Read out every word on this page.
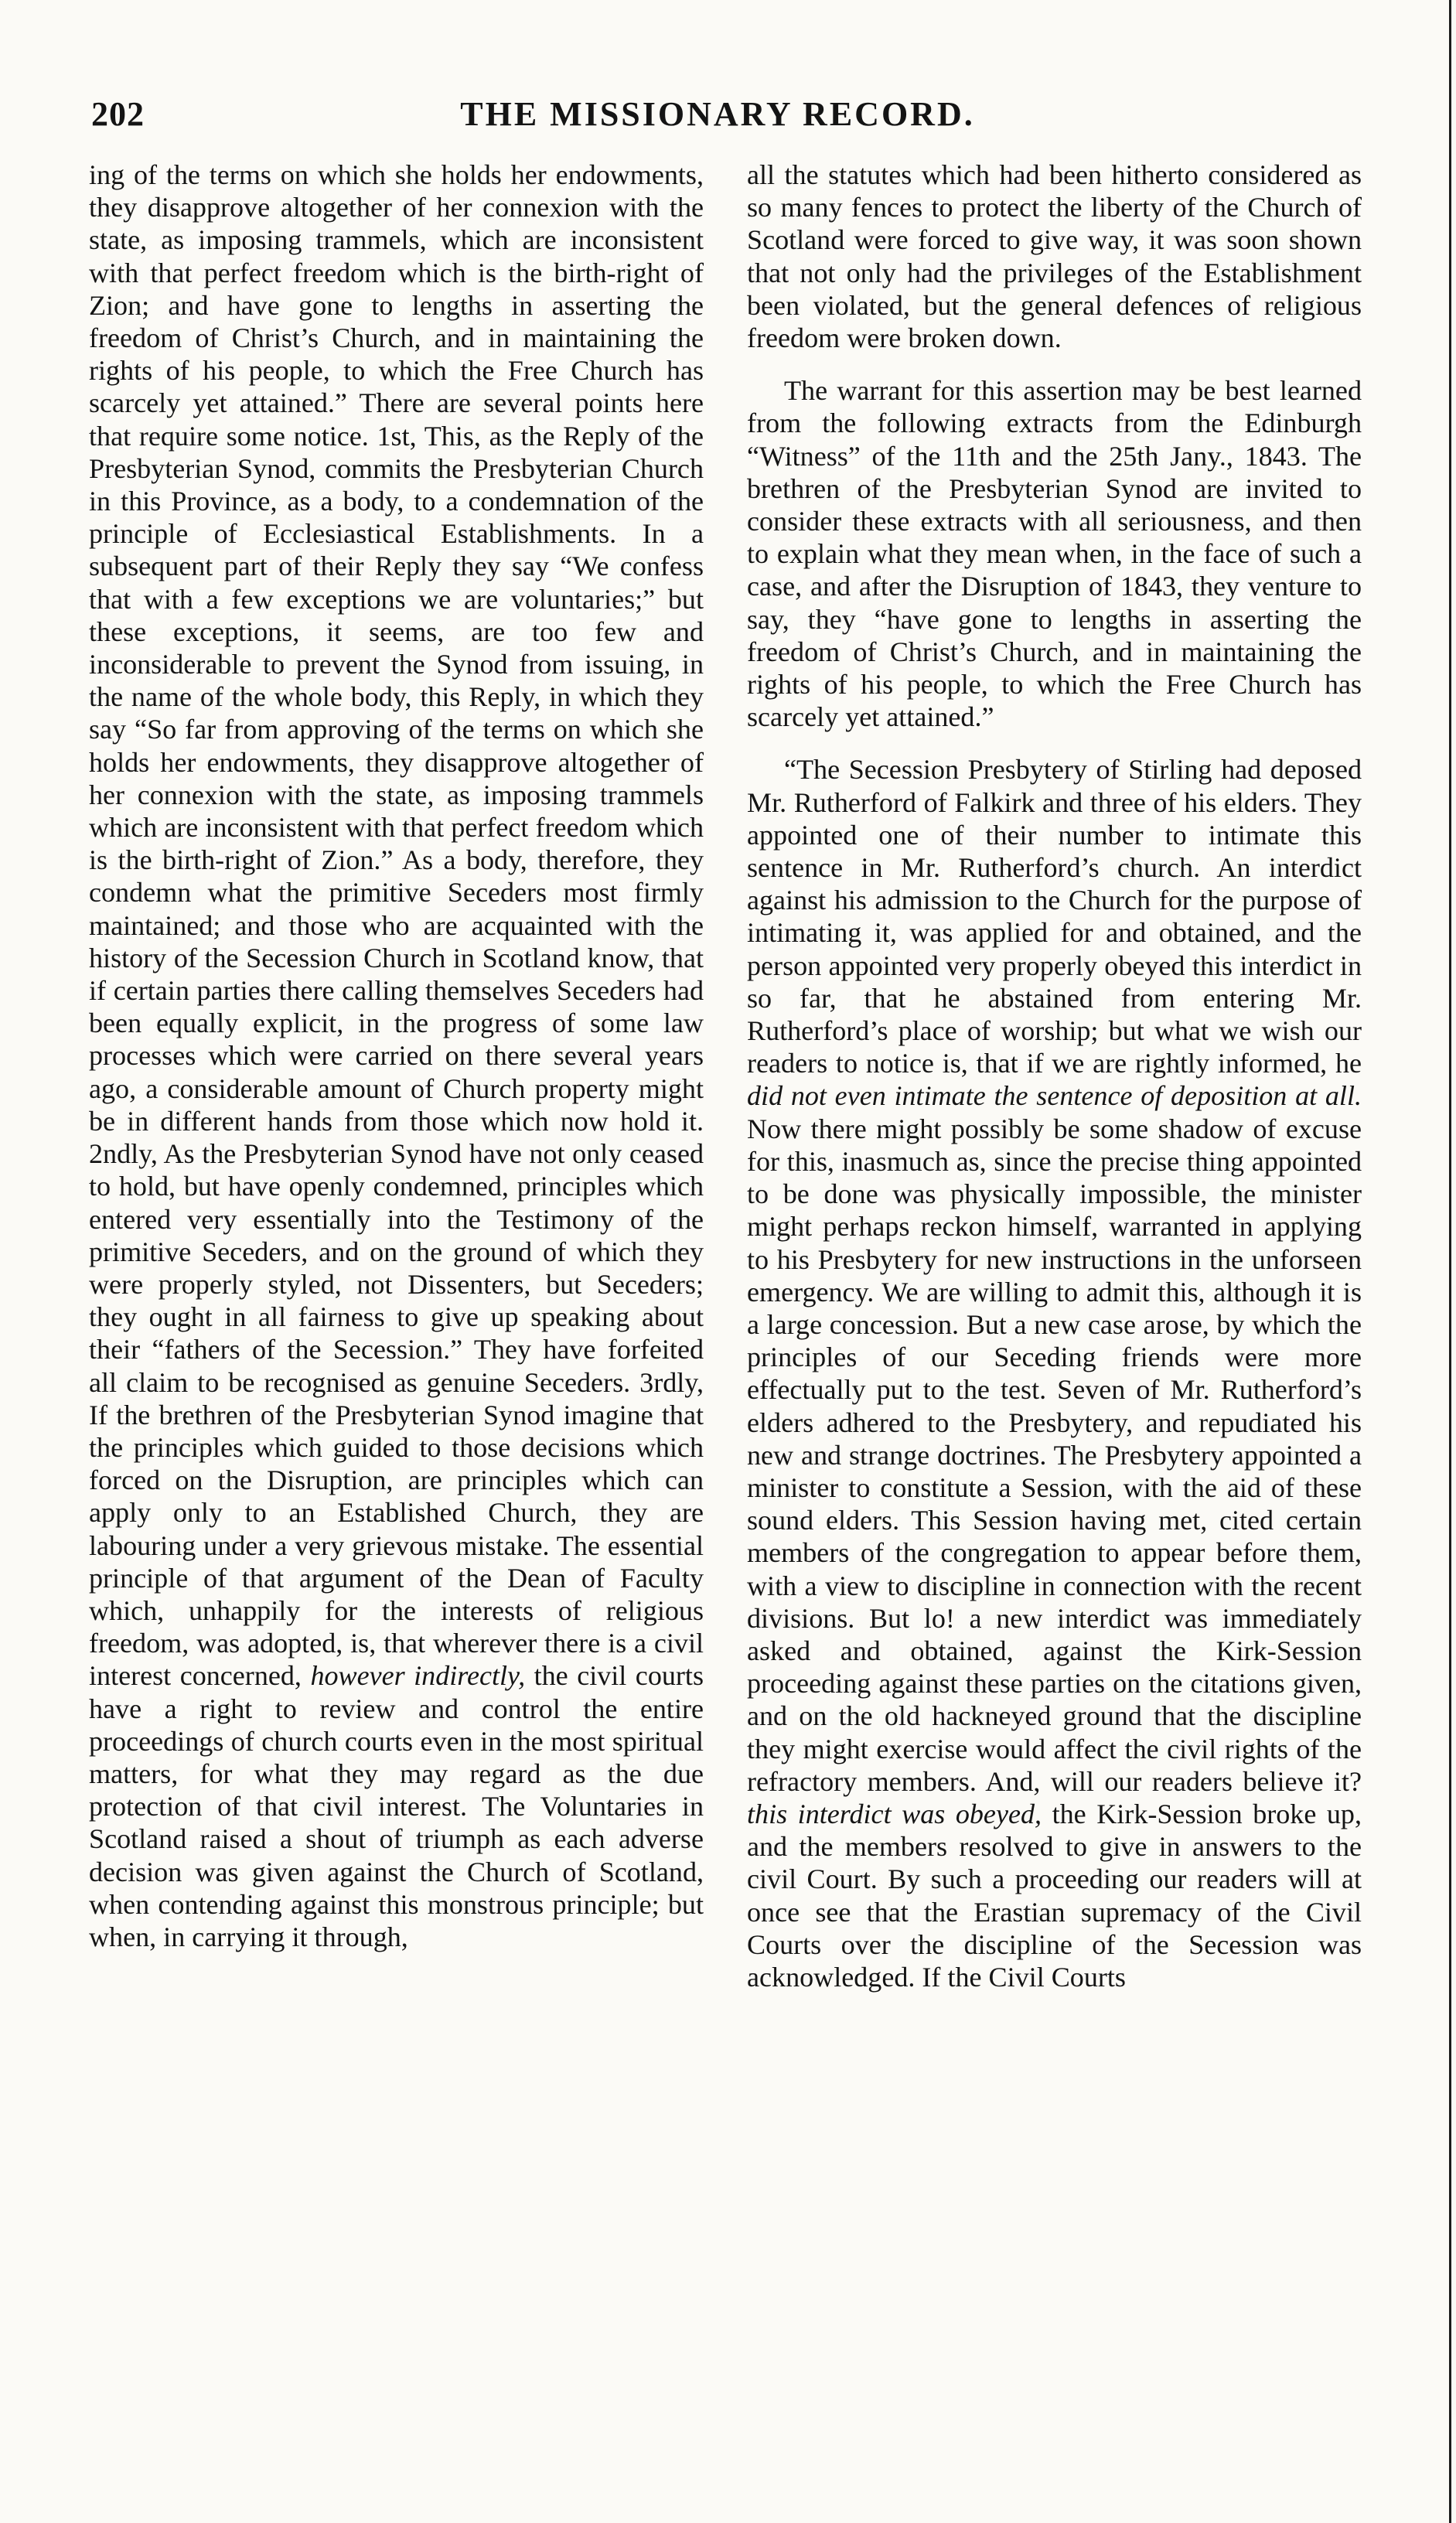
202	THE MISSIONARY RECORD.

ing of the terms on which she holds her endowments, they disapprove altogether of her connexion with the state, as imposing trammels, which are inconsistent with that perfect freedom which is the birth-right of Zion; and have gone to lengths in asserting the freedom of Christ’s Church, and in maintaining the rights of his people, to which the Free Church has scarcely yet attained.” There are several points here that require some notice. 1st, This, as the Reply of the Presbyterian Synod, commits the Presbyterian Church in this Province, as a body, to a condemnation of the principle of Ecclesiastical Establishments. In a subsequent part of their Reply they say “We confess that with a few exceptions we are voluntaries;” but these exceptions, it seems, are too few and inconsiderable to prevent the Synod from issuing, in the name of the whole body, this Reply, in which they say “So far from approving of the terms on which she holds her endowments, they disapprove altogether of her connexion with the state, as imposing trammels which are inconsistent with that perfect freedom which is the birth-right of Zion.” As a body, therefore, they condemn what the primitive Seceders most firmly maintained; and those who are acquainted with the history of the Secession Church in Scotland know, that if certain parties there calling themselves Seceders had been equally explicit, in the progress of some law processes which were carried on there several years ago, a considerable amount of Church property might be in different hands from those which now hold it. 2ndly, As the Presbyterian Synod have not only ceased to hold, but have openly condemned, principles which entered very essentially into the Testimony of the primitive Seceders, and on the ground of which they were properly styled, not Dissenters, but Seceders; they ought in all fairness to give up speaking about their “fathers of the Secession.” They have forfeited all claim to be recognised as genuine Seceders. 3rdly, If the brethren of the Presbyterian Synod imagine that the principles which guided to those decisions which forced on the Disruption, are principles which can apply only to an Established Church, they are labouring under a very grievous mistake. The essential principle of that argument of the Dean of Faculty which, unhappily for the interests of religious freedom, was adopted, is, that wherever there is a civil interest concerned, however indirectly, the civil courts have a right to review and control the entire proceedings of church courts even in the most spiritual matters, for what they may regard as the due protection of that civil interest. The Voluntaries in Scotland raised a shout of triumph as each adverse decision was given against the Church of Scotland, when contending against this monstrous principle; but when, in carrying it through,

all the statutes which had been hitherto considered as so many fences to protect the liberty of the Church of Scotland were forced to give way, it was soon shown that not only had the privileges of the Establishment been violated, but the general defences of religious freedom were broken down.

The warrant for this assertion may be best learned from the following extracts from the Edinburgh “Witness” of the 11th and the 25th Jany., 1843. The brethren of the Presbyterian Synod are invited to consider these extracts with all seriousness, and then to explain what they mean when, in the face of such a case, and after the Disruption of 1843, they venture to say, they “have gone to lengths in asserting the freedom of Christ’s Church, and in maintaining the rights of his people, to which the Free Church has scarcely yet attained.”

“The Secession Presbytery of Stirling had deposed Mr. Rutherford of Falkirk and three of his elders. They appointed one of their number to intimate this sentence in Mr. Rutherford’s church. An interdict against his admission to the Church for the purpose of intimating it, was applied for and obtained, and the person appointed very properly obeyed this interdict in so far, that he abstained from entering Mr. Rutherford’s place of worship; but what we wish our readers to notice is, that if we are rightly informed, he did not even intimate the sentence of deposition at all. Now there might possibly be some shadow of excuse for this, inasmuch as, since the precise thing appointed to be done was physically impossible, the minister might perhaps reckon himself, warranted in applying to his Presbytery for new instructions in the unforseen emergency. We are willing to admit this, although it is a large concession. But a new case arose, by which the principles of our Seceding friends were more effectually put to the test. Seven of Mr. Rutherford’s elders adhered to the Presbytery, and repudiated his new and strange doctrines. The Presbytery appointed a minister to constitute a Session, with the aid of these sound elders. This Session having met, cited certain members of the congregation to appear before them, with a view to discipline in connection with the recent divisions. But lo! a new interdict was immediately asked and obtained, against the Kirk-Session proceeding against these parties on the citations given, and on the old hackneyed ground that the discipline they might exercise would affect the civil rights of the refractory members. And, will our readers believe it? this interdict was obeyed, the Kirk-Session broke up, and the members resolved to give in answers to the civil Court. By such a proceeding our readers will at once see that the Erastian supremacy of the Civil Courts over the discipline of the Secession was acknowledged. If the Civil Courts
